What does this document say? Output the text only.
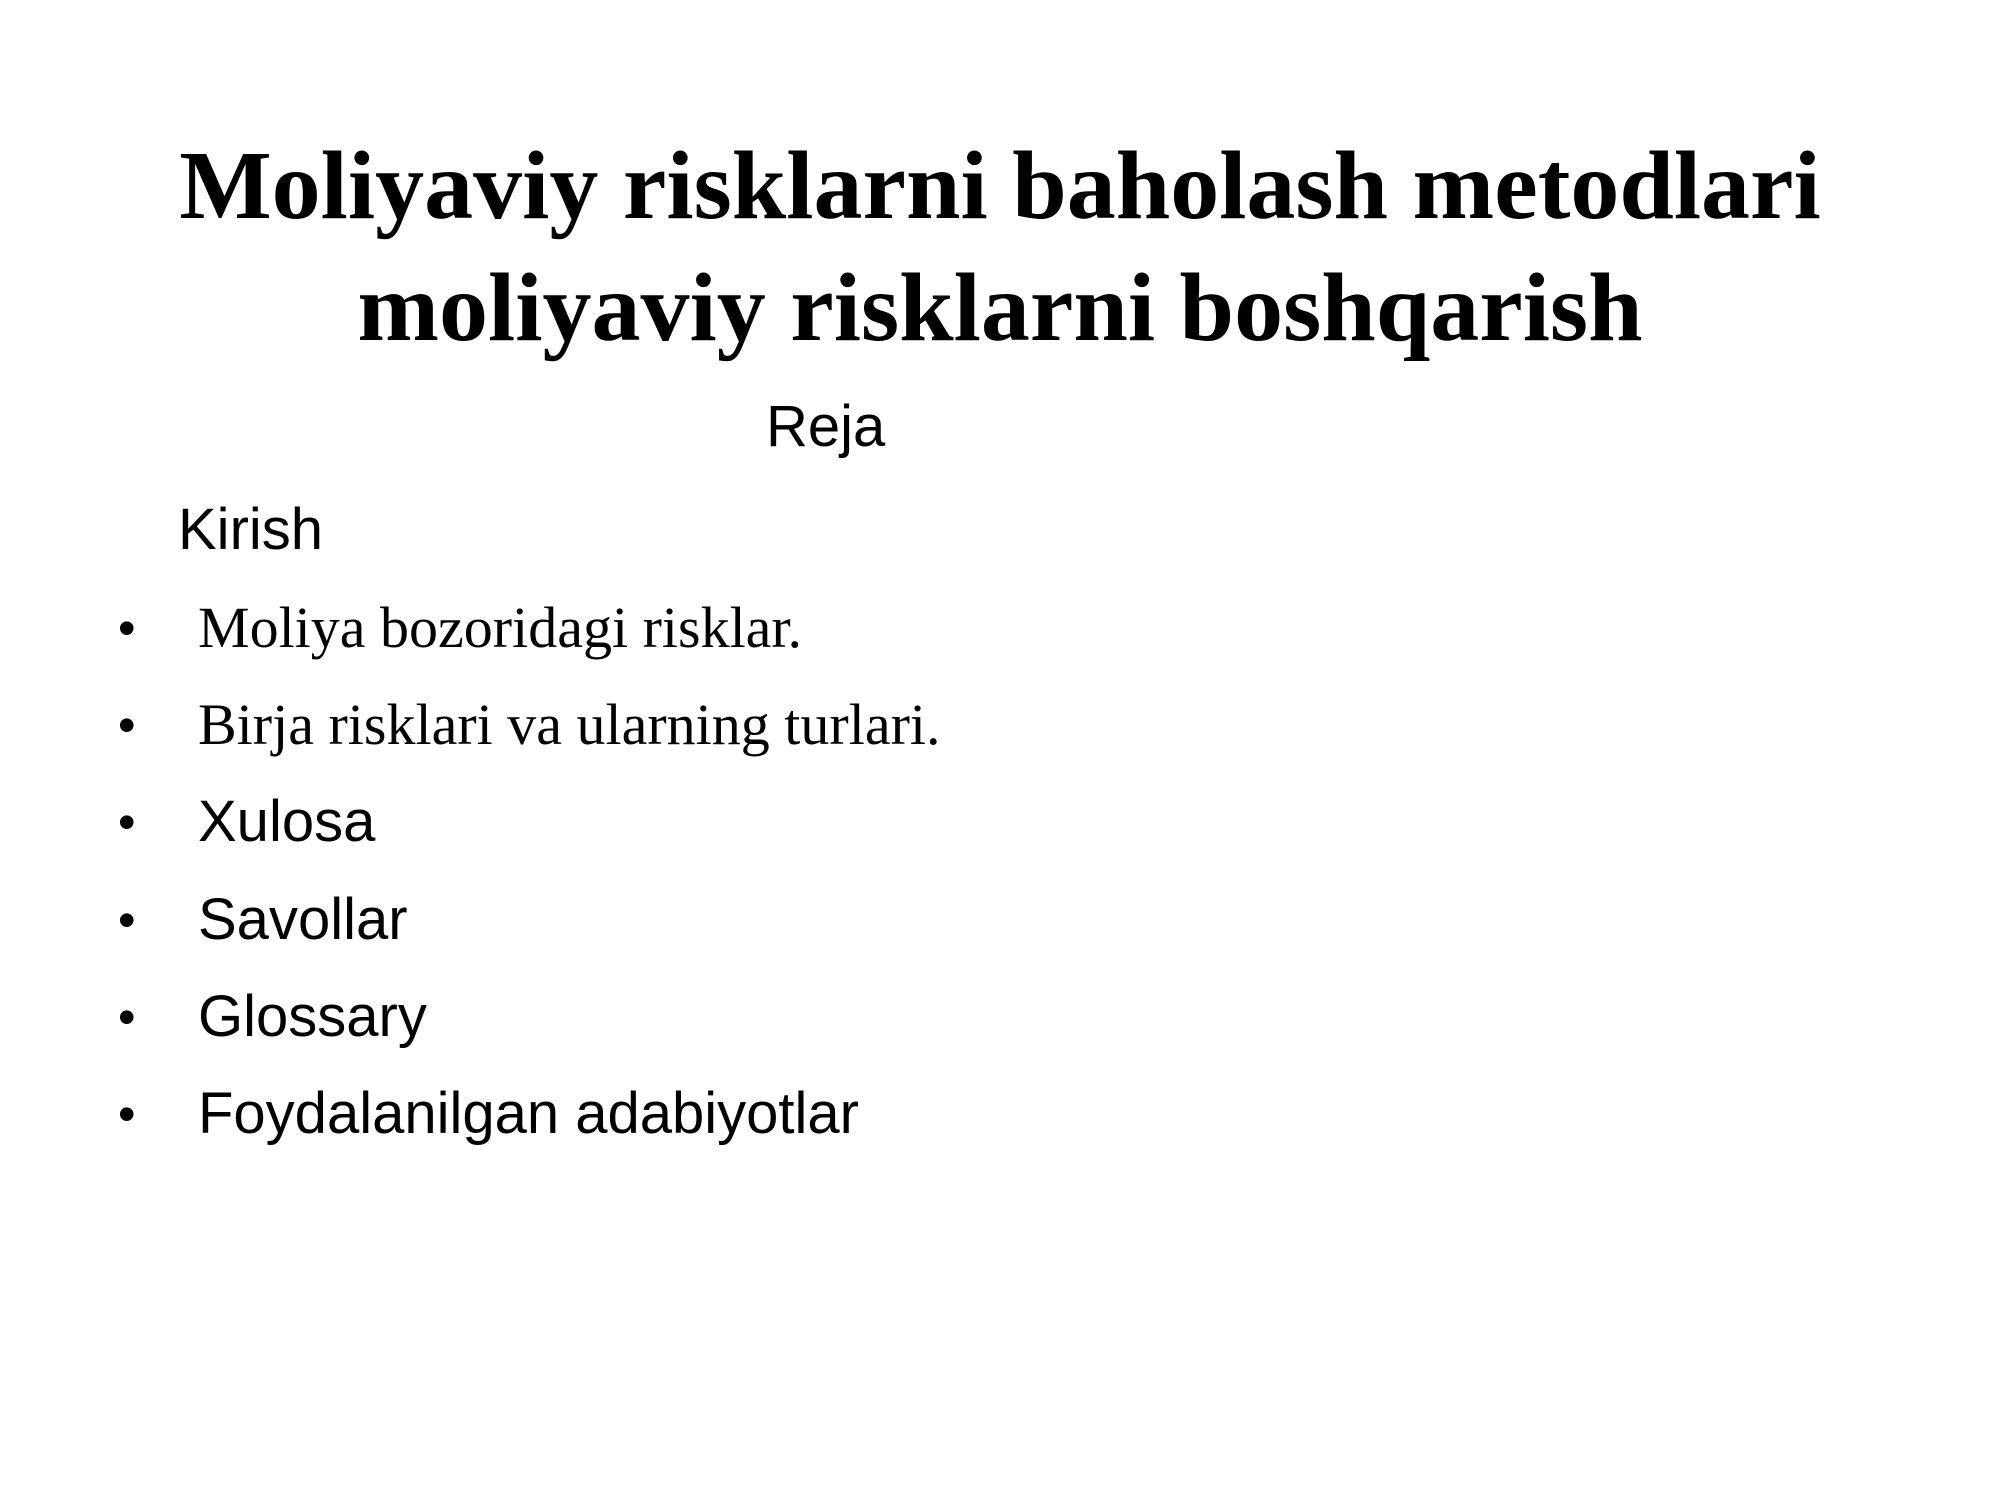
Moliyaviy risklarni baholash metodlari
moliyaviy risklarni boshqarish
Reja
Kirish
•	Moliya bozoridagi risklar.
•	Birja risklari va ularning turlari.
•	Xulosa
•	Savollar
•	Glossary
•	Foydalanilgan adabiyotlar
